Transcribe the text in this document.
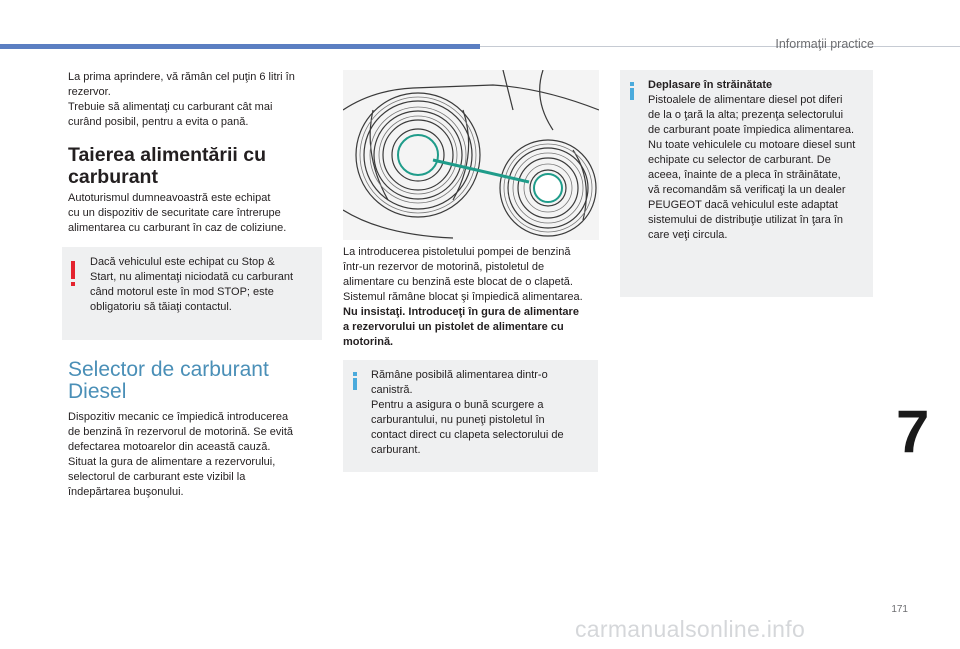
Informaţii practice

La prima aprindere, vă rămân cel puţin 6 litri în

rezervor.

Trebuie să alimentaţi cu carburant cât mai

curând posibil, pentru a evita o pană.

Taierea alimentării cu

carburant

Autoturismul dumneavoastră este echipat

cu un dispozitiv de securitate care întrerupe

alimentarea cu carburant în caz de coliziune.

Dacă vehiculul este echipat cu Stop &

Start, nu alimentaţi niciodată cu carburant

când motorul este în mod STOP; este

obligatoriu să tăiaţi contactul.

Selector de carburant

Diesel

Dispozitiv mecanic ce împiedică introducerea

de benzină în rezervorul de motorină. Se evită

defectarea motoarelor din această cauză.

Situat la gura de alimentare a rezervorului,

selectorul de carburant este vizibil la

îndepărtarea buşonului.

La introducerea pistoletului pompei de benzină

într-un rezervor de motorină, pistoletul de

alimentare cu benzină este blocat de o clapetă.

Sistemul rămâne blocat şi împiedică alimentarea.

Nu insistaţi. Introduceţi în gura de alimentare

a rezervorului un pistolet de alimentare cu

motorină.

Rămâne posibilă alimentarea dintr-o

canistră.

Pentru a asigura o bună scurgere a

carburantului, nu puneţi pistoletul în

contact direct cu clapeta selectorului de

carburant.

Deplasare în străinătate

Pistoalele de alimentare diesel pot diferi

de la o ţară la alta; prezenţa selectorului

de carburant poate împiedica alimentarea.

Nu toate vehiculele cu motoare diesel sunt

echipate cu selector de carburant. De

aceea, înainte de a pleca în străinătate,

vă recomandăm să verificaţi la un dealer

PEUGEOT dacă vehiculul este adaptat

sistemului de distribuţie utilizat în ţara în

care veţi circula.

7
171
carmanualsonline.info
